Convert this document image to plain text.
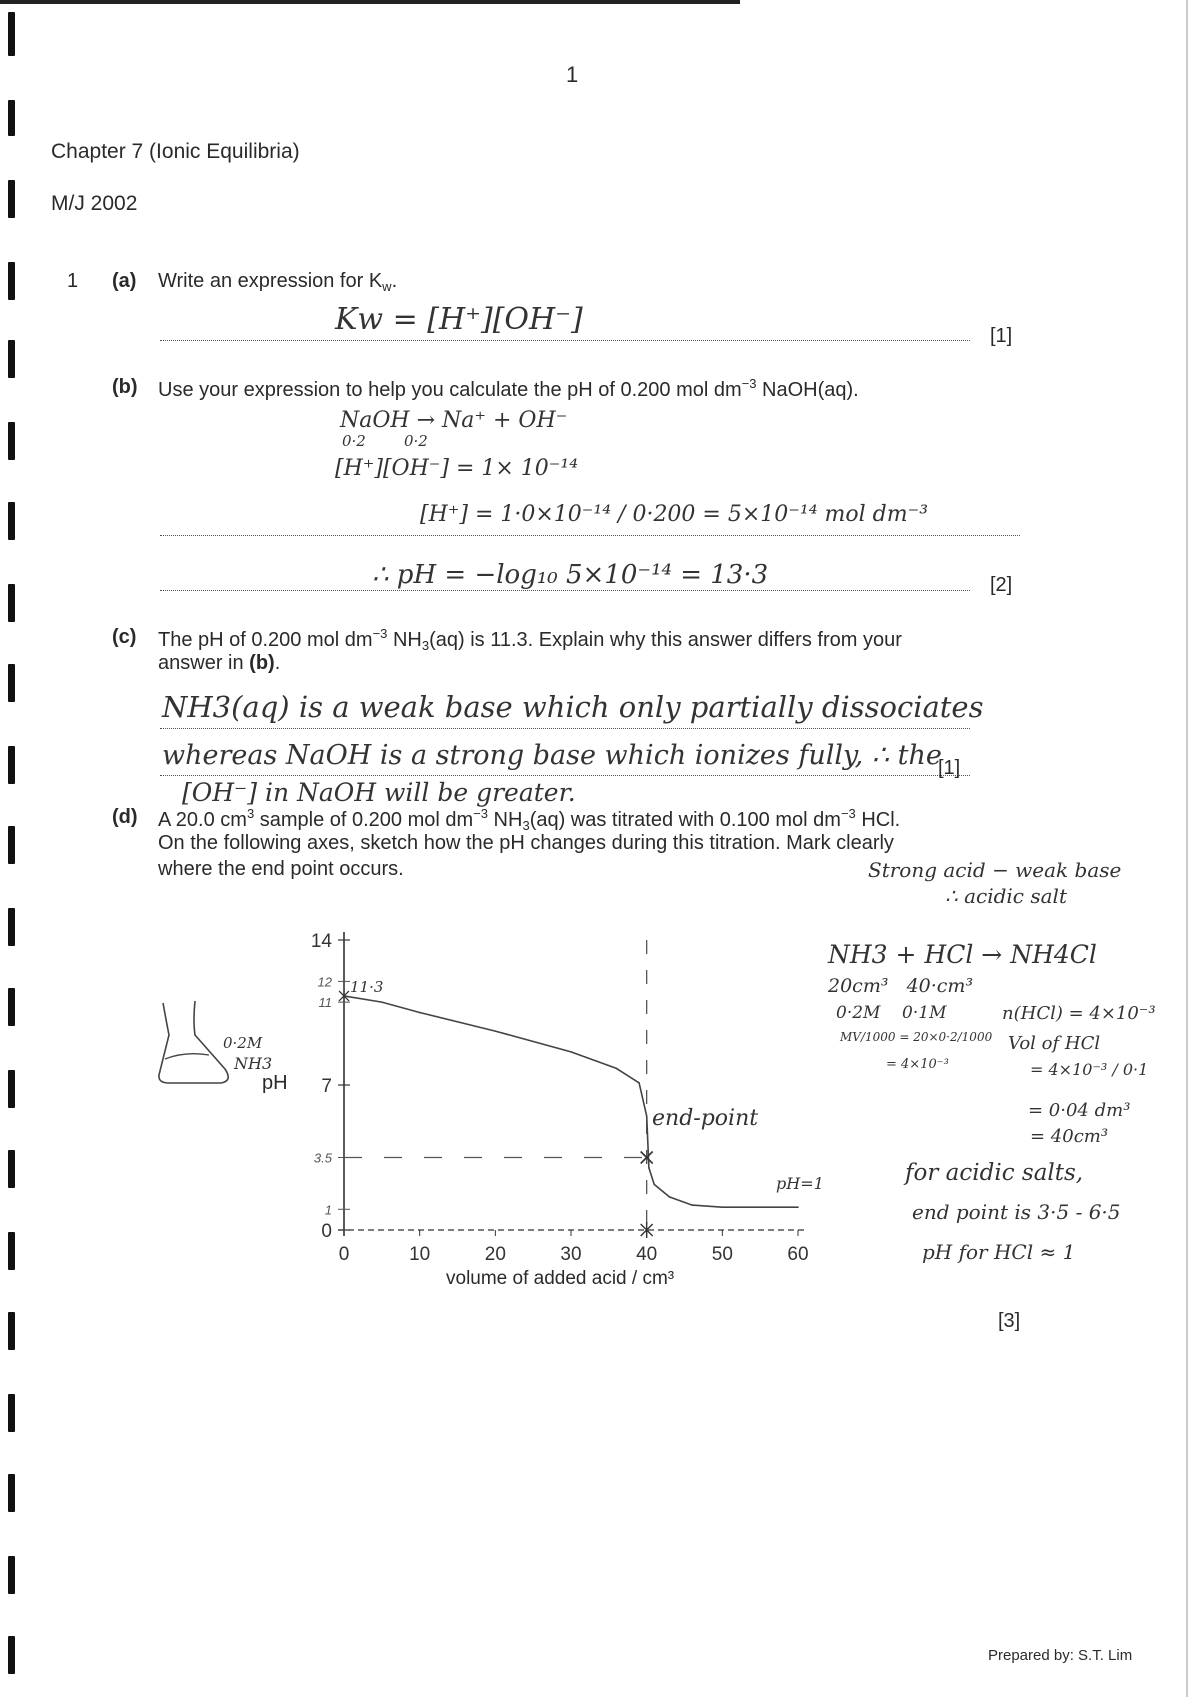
1
Chapter 7 (Ionic Equilibria)
M/J 2002
1 (a) Write an expression for $K_w$.
Kw = [H⁺][OH⁻]	[1]
(b) Use your expression to help you calculate the pH of 0.200 mol $dm^{-3}$ NaOH(aq).
NaOH → Na⁺ + OH⁻
0·2        0·2
[H⁺][OH⁻] = 1× 10⁻¹⁴
[H⁺] = 1·0×10⁻¹⁴ / 0·200 = 5×10⁻¹⁴ mol dm⁻³
∴ pH = −log₁₀ 5×10⁻¹⁴ = 13·3	[2]
(c) The pH of 0.200 mol $dm^{-3}$ $NH_3(aq)$ is 11.3. Explain why this answer differs from your
answer in (b).
NH3(aq) is a weak base which only partially dissociates
whereas NaOH is a strong base which ionizes fully, ∴ the
[1]
[OH⁻] in NaOH will be greater.
(d) A 20.0 $cm^3$ sample of 0.200 mol $dm^{-3}$ $NH_3(aq)$ was titrated with 0.100 mol $dm^{-3}$ HCl.
On the following axes, sketch how the pH changes during this titration. Mark clearly
where the end point occurs.	Strong acid − weak base
∴ acidic salt
0·2M
NH3
0	10	20	30	40	50	60
0
7
14
1
3.5
11
12
volume of added acid / cm³
pH
end-point
pH=1
11·3
NH3 + HCl → NH4Cl
20cm³   40·cm³
0·2M    0·1M
MV/1000 = 20×0·2/1000
= 4×10⁻³
n(HCl) = 4×10⁻³
Vol of HCl
= 4×10⁻³ / 0·1
= 0·04 dm³
= 40cm³
for acidic salts,
end point is 3·5 - 6·5
pH for HCl ≈ 1
[3]
Prepared by: S.T. Lim
